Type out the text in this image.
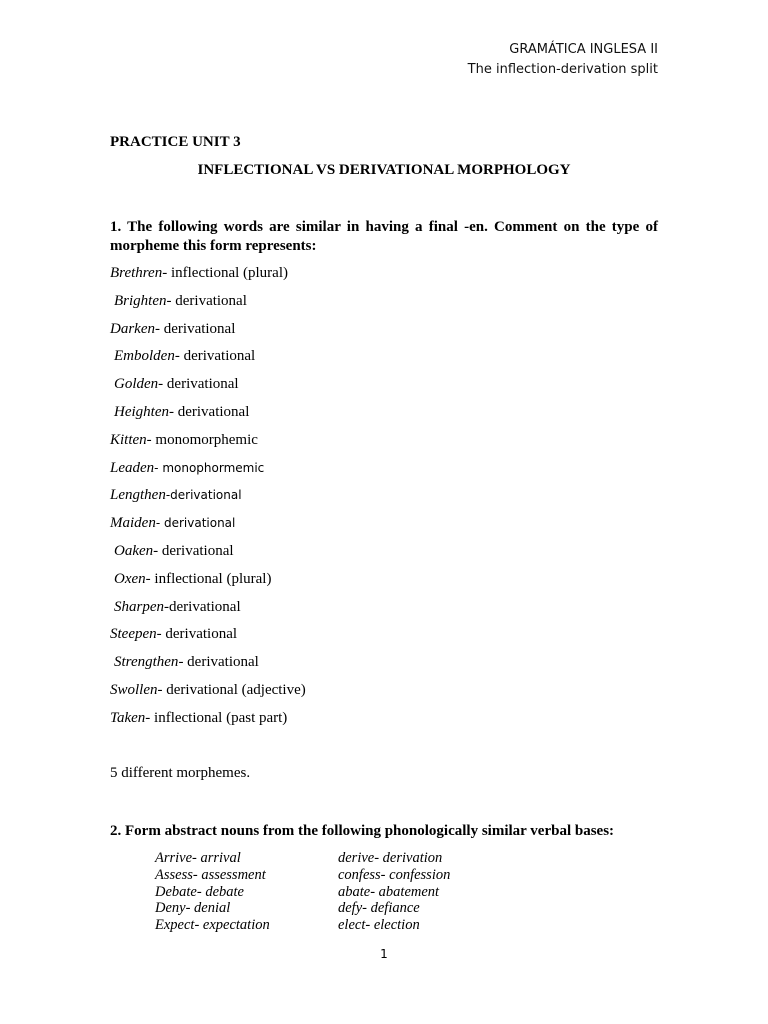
GRAMÁTICA INGLESA II
The inflection-derivation split
PRACTICE UNIT 3
INFLECTIONAL VS DERIVATIONAL MORPHOLOGY
1. The following words are similar in having a final -en. Comment on the type of morpheme this form represents:
Brethren- inflectional (plural)
Brighten- derivational
Darken- derivational
Embolden- derivational
Golden- derivational
Heighten- derivational
Kitten- monomorphemic
Leaden- monophormemic
Lengthen-derivational
Maiden- derivational
Oaken- derivational
Oxen- inflectional (plural)
Sharpen-derivational
Steepen- derivational
Strengthen- derivational
Swollen- derivational (adjective)
Taken- inflectional (past part)
5 different morphemes.
2. Form abstract nouns from the following phonologically similar verbal bases:
Arrive- arrival	derive- derivation
Assess- assessment	confess- confession
Debate- debate	abate- abatement
Deny- denial	defy- defiance
Expect- expectation	elect- election
1
